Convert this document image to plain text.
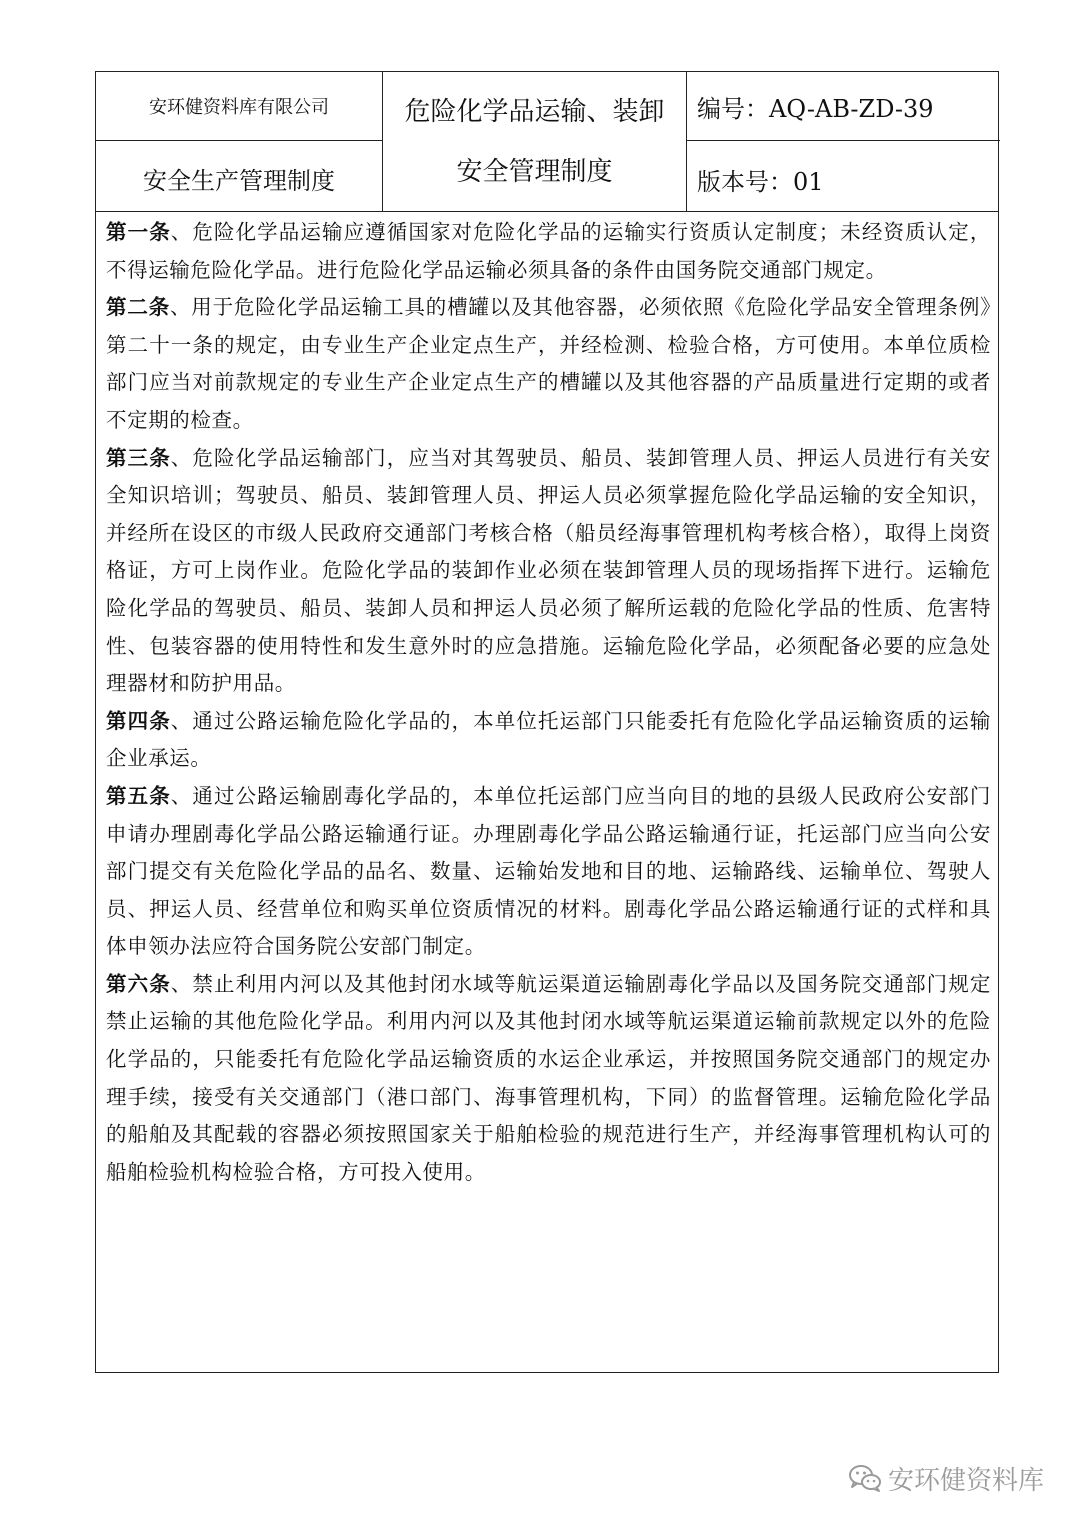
安环健资料库有限公司
安全生产管理制度
危险化学品运输、装卸
安全管理制度
编号：AQ-AB-ZD-39
版本号：01

第一条、危险化学品运输应遵循国家对危险化学品的运输实行资质认定制度；未经资质认定，不得运输危险化学品。进行危险化学品运输必须具备的条件由国务院交通部门规定。

第二条、用于危险化学品运输工具的槽罐以及其他容器，必须依照《危险化学品安全管理条例》第二十一条的规定，由专业生产企业定点生产，并经检测、检验合格，方可使用。本单位质检部门应当对前款规定的专业生产企业定点生产的槽罐以及其他容器的产品质量进行定期的或者不定期的检查。

第三条、危险化学品运输部门，应当对其驾驶员、船员、装卸管理人员、押运人员进行有关安全知识培训；驾驶员、船员、装卸管理人员、押运人员必须掌握危险化学品运输的安全知识，并经所在设区的市级人民政府交通部门考核合格（船员经海事管理机构考核合格），取得上岗资格证，方可上岗作业。危险化学品的装卸作业必须在装卸管理人员的现场指挥下进行。运输危险化学品的驾驶员、船员、装卸人员和押运人员必须了解所运载的危险化学品的性质、危害特性、包装容器的使用特性和发生意外时的应急措施。运输危险化学品，必须配备必要的应急处理器材和防护用品。

第四条、通过公路运输危险化学品的，本单位托运部门只能委托有危险化学品运输资质的运输企业承运。

第五条、通过公路运输剧毒化学品的，本单位托运部门应当向目的地的县级人民政府公安部门申请办理剧毒化学品公路运输通行证。办理剧毒化学品公路运输通行证，托运部门应当向公安部门提交有关危险化学品的品名、数量、运输始发地和目的地、运输路线、运输单位、驾驶人员、押运人员、经营单位和购买单位资质情况的材料。剧毒化学品公路运输通行证的式样和具体申领办法应符合国务院公安部门制定。

第六条、禁止利用内河以及其他封闭水域等航运渠道运输剧毒化学品以及国务院交通部门规定禁止运输的其他危险化学品。利用内河以及其他封闭水域等航运渠道运输前款规定以外的危险化学品的，只能委托有危险化学品运输资质的水运企业承运，并按照国务院交通部门的规定办理手续，接受有关交通部门（港口部门、海事管理机构，下同）的监督管理。运输危险化学品的船舶及其配载的容器必须按照国家关于船舶检验的规范进行生产，并经海事管理机构认可的船舶检验机构检验合格，方可投入使用。

安环健资料库
